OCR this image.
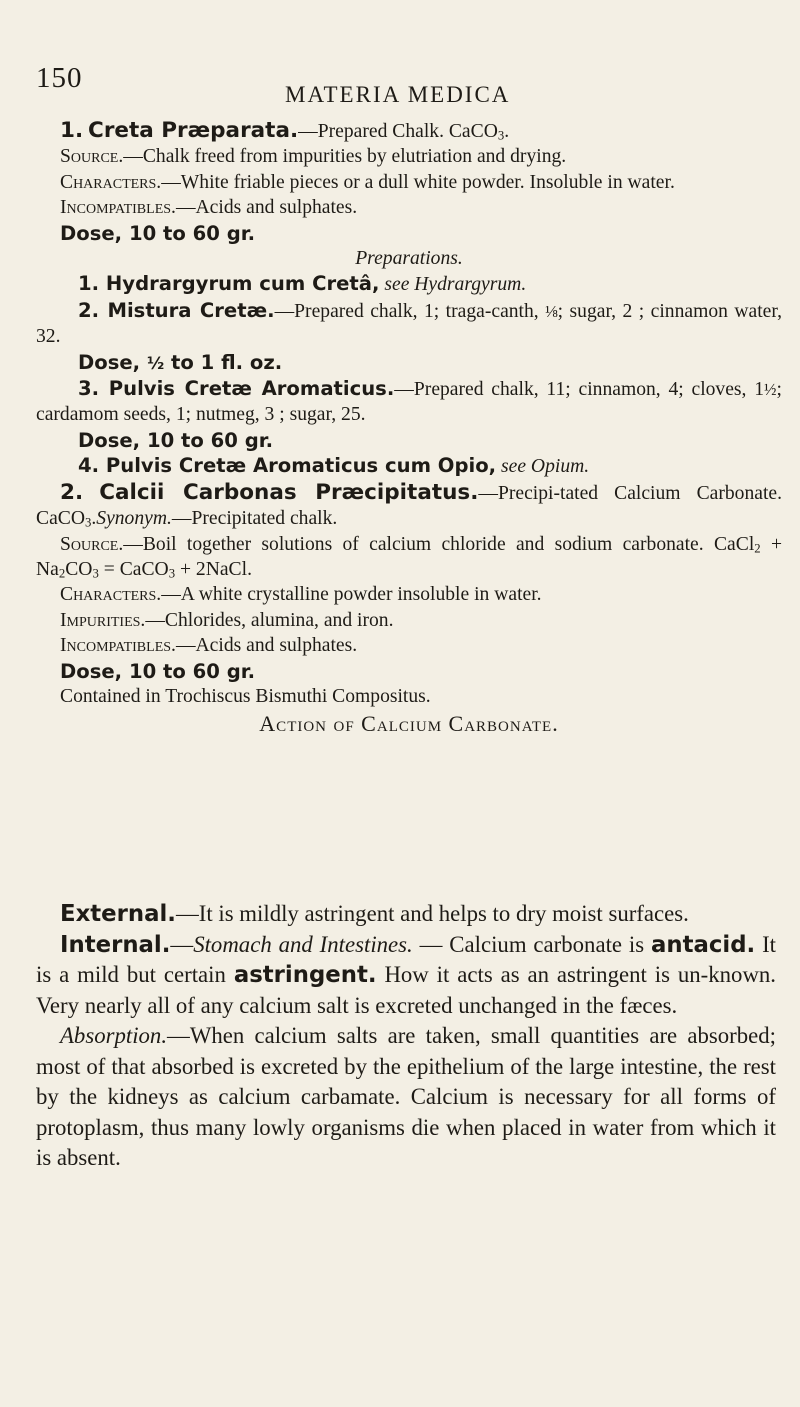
150
MATERIA MEDICA

1. Creta Præparata.—Prepared Chalk. CaCO$_3$.

Source.—Chalk freed from impurities by elutriation and drying.

Characters.—White friable pieces or a dull white powder. Insoluble in water.

Incompatibles.—Acids and sulphates.

Dose, 10 to 60 gr.

Preparations.

1. Hydrargyrum cum Cretâ, see Hydrargyrum.

2. Mistura Cretæ.—Prepared chalk, 1; traga-canth, ⅛; sugar, 2 ; cinnamon water, 32.

Dose, ½ to 1 fl. oz.

3. Pulvis Cretæ Aromaticus.—Prepared chalk, 11; cinnamon, 4; cloves, 1½; cardamom seeds, 1; nutmeg, 3 ; sugar, 25.

Dose, 10 to 60 gr.

4. Pulvis Cretæ Aromaticus cum Opio, see Opium.

2. Calcii Carbonas Præcipitatus.—Precipi-tated Calcium Carbonate. CaCO$_3$.Synonym.—Precipitated chalk.

Source.—Boil together solutions of calcium chloride and sodium carbonate. CaCl$_2$ + $Na_2CO_3$ = CaCO$_3$ + 2NaCl.

Characters.—A white crystalline powder insoluble in water.

Impurities.—Chlorides, alumina, and iron.

Incompatibles.—Acids and sulphates.

Dose, 10 to 60 gr.

Contained in Trochiscus Bismuthi Compositus.

Action of Calcium Carbonate.

External.—It is mildly astringent and helps to dry moist surfaces.

Internal.—Stomach and Intestines. — Calcium carbonate is antacid. It is a mild but certain astringent. How it acts as an astringent is un-known. Very nearly all of any calcium salt is excreted unchanged in the fæces.

Absorption.—When calcium salts are taken, small quantities are absorbed; most of that absorbed is excreted by the epithelium of the large intestine, the rest by the kidneys as calcium carbamate. Calcium is necessary for all forms of protoplasm, thus many lowly organisms die when placed in water from which it is absent.
